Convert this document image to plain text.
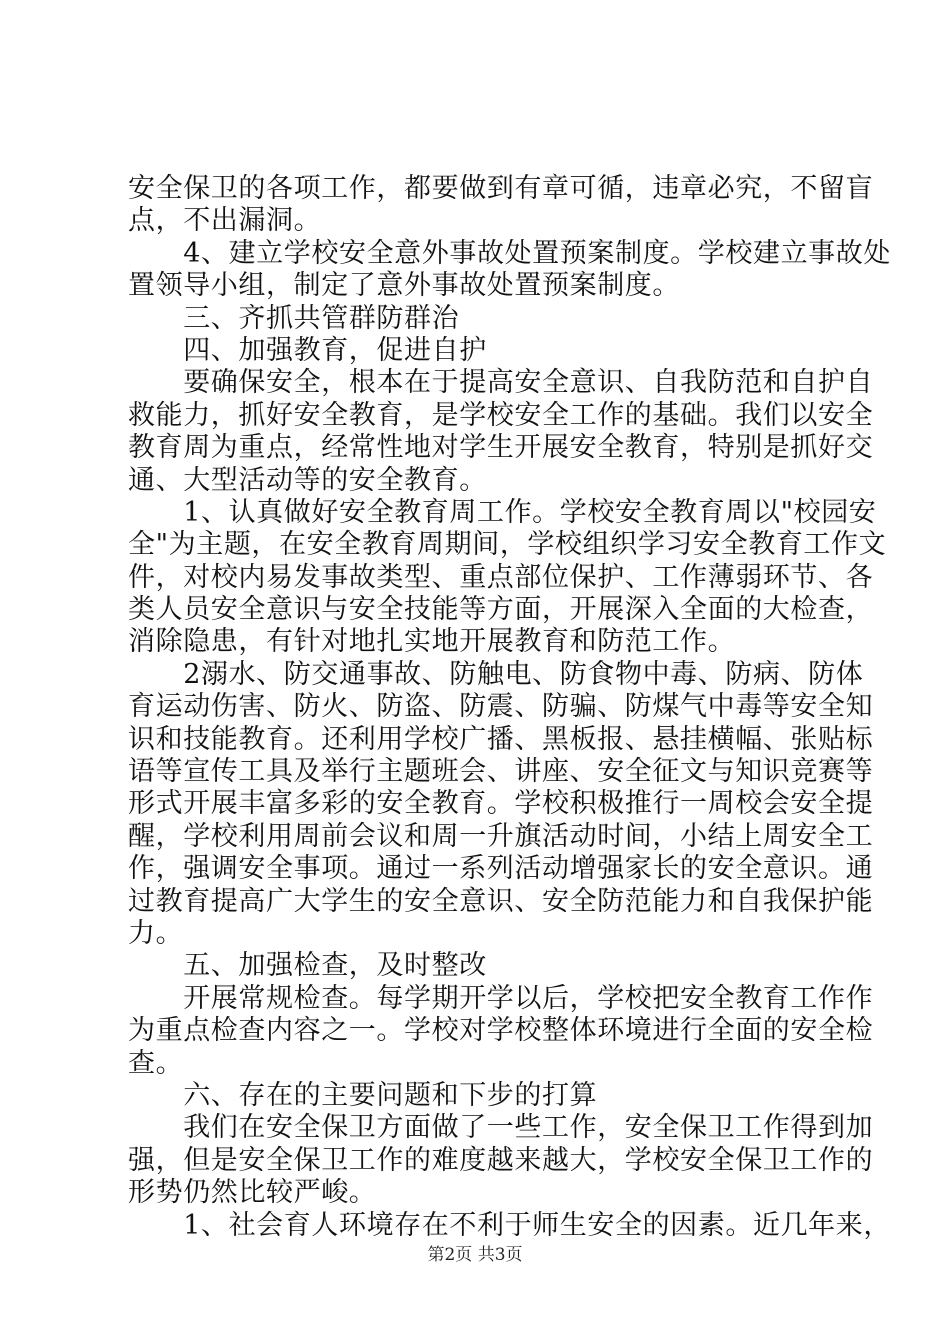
安全保卫的各项工作，都要做到有章可循，违章必究，不留盲
点，不出漏洞。
　　4、建立学校安全意外事故处置预案制度。学校建立事故处
置领导小组，制定了意外事故处置预案制度。
　　三、齐抓共管群防群治
　　四、加强教育，促进自护
　　要确保安全，根本在于提高安全意识、自我防范和自护自
救能力，抓好安全教育，是学校安全工作的基础。我们以安全
教育周为重点，经常性地对学生开展安全教育，特别是抓好交
通、大型活动等的安全教育。
　　1、认真做好安全教育周工作。学校安全教育周以"校园安
全"为主题，在安全教育周期间，学校组织学习安全教育工作文
件，对校内易发事故类型、重点部位保护、工作薄弱环节、各
类人员安全意识与安全技能等方面，开展深入全面的大检查，
消除隐患，有针对地扎实地开展教育和防范工作。
　　2溺水、防交通事故、防触电、防食物中毒、防病、防体
育运动伤害、防火、防盗、防震、防骗、防煤气中毒等安全知
识和技能教育。还利用学校广播、黑板报、悬挂横幅、张贴标
语等宣传工具及举行主题班会、讲座、安全征文与知识竞赛等
形式开展丰富多彩的安全教育。学校积极推行一周校会安全提
醒，学校利用周前会议和周一升旗活动时间，小结上周安全工
作，强调安全事项。通过一系列活动增强家长的安全意识。通
过教育提高广大学生的安全意识、安全防范能力和自我保护能
力。
　　五、加强检查，及时整改
　　开展常规检查。每学期开学以后，学校把安全教育工作作
为重点检查内容之一。学校对学校整体环境进行全面的安全检
查。
　　六、存在的主要问题和下步的打算
　　我们在安全保卫方面做了一些工作，安全保卫工作得到加
强，但是安全保卫工作的难度越来越大，学校安全保卫工作的
形势仍然比较严峻。
　　1、社会育人环境存在不利于师生安全的因素。近几年来，
第2页 共3页
